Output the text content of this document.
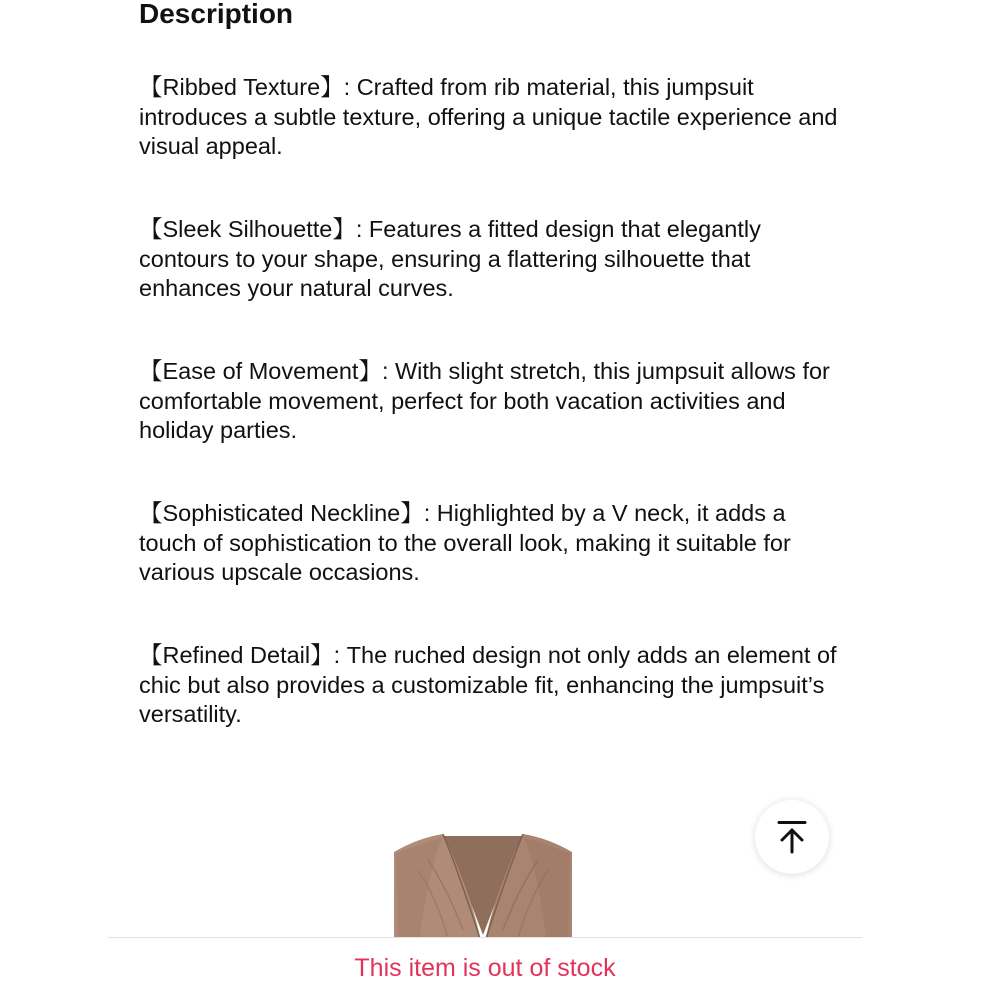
Description

【Ribbed Texture】: Crafted from rib material, this jumpsuit introduces a subtle texture, offering a unique tactile experience and visual appeal.

【Sleek Silhouette】: Features a fitted design that elegantly contours to your shape, ensuring a flattering silhouette that enhances your natural curves.

【Ease of Movement】: With slight stretch, this jumpsuit allows for comfortable movement, perfect for both vacation activities and holiday parties.

【Sophisticated Neckline】: Highlighted by a V neck, it adds a touch of sophistication to the overall look, making it suitable for various upscale occasions.

【Refined Detail】: The ruched design not only adds an element of chic but also provides a customizable fit, enhancing the jumpsuit’s versatility.

This item is out of stock
